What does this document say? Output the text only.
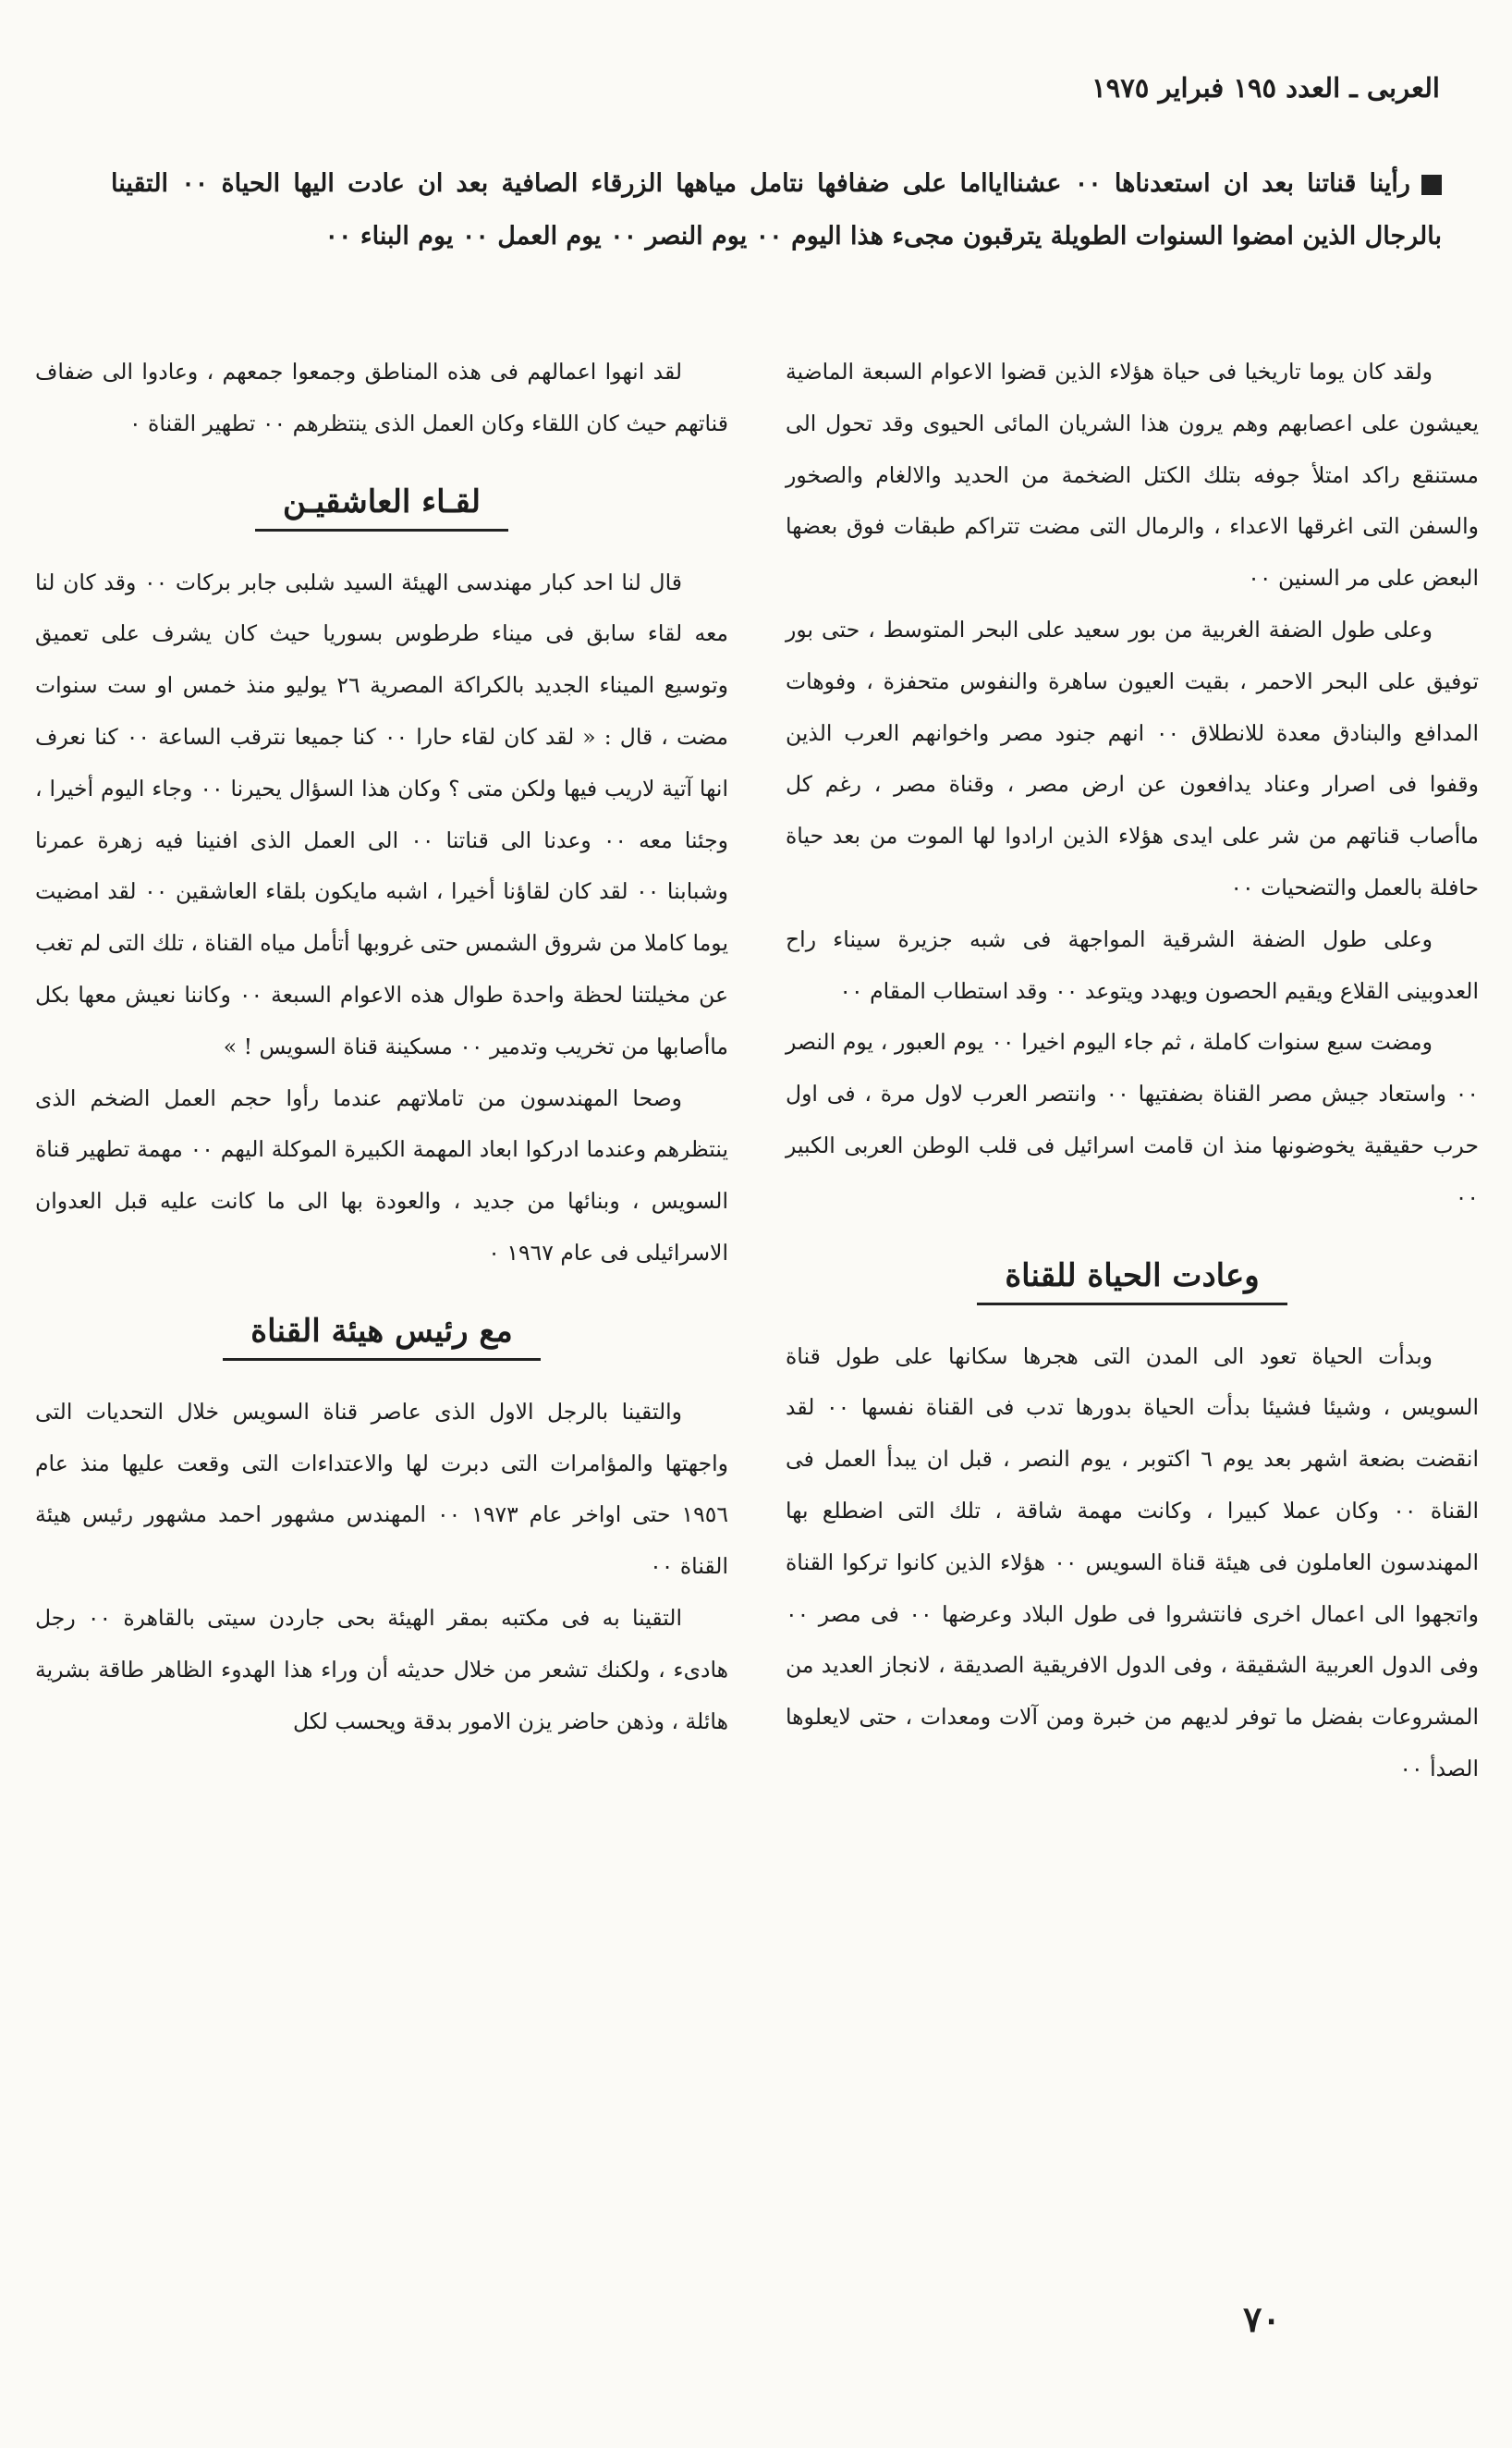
العربى ـ العدد ١٩٥ فبراير ١٩٧٥
رأينا قناتنا بعد ان استعدناها ٠٠ عشناايااما على ضفافها نتامل مياهها الزرقاء الصافية بعد ان عادت اليها الحياة ٠٠ التقينا بالرجال الذين امضوا السنوات الطويلة يترقبون مجىء هذا اليوم ٠٠ يوم النصر ٠٠ يوم العمل ٠٠ يوم البناء ٠٠

ولقد كان يوما تاريخيا فى حياة هؤلاء الذين قضوا الاعوام السبعة الماضية يعيشون على اعصابهم وهم يرون هذا الشريان المائى الحيوى وقد تحول الى مستنقع راكد امتلأ جوفه بتلك الكتل الضخمة من الحديد والالغام والصخور والسفن التى اغرقها الاعداء ، والرمال التى مضت تتراكم طبقات فوق بعضها البعض على مر السنين ٠٠

وعلى طول الضفة الغربية من بور سعيد على البحر المتوسط ، حتى بور توفيق على البحر الاحمر ، بقيت العيون ساهرة والنفوس متحفزة ، وفوهات المدافع والبنادق معدة للانطلاق ٠٠ انهم جنود مصر واخوانهم العرب الذين وقفوا فى اصرار وعناد يدافعون عن ارض مصر ، وقناة مصر ، رغم كل ماأصاب قناتهم من شر على ايدى هؤلاء الذين ارادوا لها الموت من بعد حياة حافلة بالعمل والتضحيات ٠٠

وعلى طول الضفة الشرقية المواجهة فى شبه جزيرة سيناء راح العدوبينى القلاع ويقيم الحصون ويهدد ويتوعد ٠٠ وقد استطاب المقام ٠٠

ومضت سبع سنوات كاملة ، ثم جاء اليوم اخيرا ٠٠ يوم العبور ، يوم النصر ٠٠ واستعاد جيش مصر القناة بضفتيها ٠٠ وانتصر العرب لاول مرة ، فى اول حرب حقيقية يخوضونها منذ ان قامت اسرائيل فى قلب الوطن العربى الكبير ٠٠

وعادت الحياة للقناة

وبدأت الحياة تعود الى المدن التى هجرها سكانها على طول قناة السويس ، وشيئا فشيئا بدأت الحياة بدورها تدب فى القناة نفسها ٠٠ لقد انقضت بضعة اشهر بعد يوم ٦ اكتوبر ، يوم النصر ، قبل ان يبدأ العمل فى القناة ٠٠ وكان عملا كبيرا ، وكانت مهمة شاقة ، تلك التى اضطلع بها المهندسون العاملون فى هيئة قناة السويس ٠٠ هؤلاء الذين كانوا تركوا القناة واتجهوا الى اعمال اخرى فانتشروا فى طول البلاد وعرضها ٠٠ فى مصر ٠٠ وفى الدول العربية الشقيقة ، وفى الدول الافريقية الصديقة ، لانجاز العديد من المشروعات بفضل ما توفر لديهم من خبرة ومن آلات ومعدات ، حتى لايعلوها الصدأ ٠٠

لقد انهوا اعمالهم فى هذه المناطق وجمعوا جمعهم ، وعادوا الى ضفاف قناتهم حيث كان اللقاء وكان العمل الذى ينتظرهم ٠٠ تطهير القناة ٠

لقـاء العاشقيـن

قال لنا احد كبار مهندسى الهيئة السيد شلبى جابر بركات ٠٠ وقد كان لنا معه لقاء سابق فى ميناء طرطوس بسوريا حيث كان يشرف على تعميق وتوسيع الميناء الجديد بالكراكة المصرية ٢٦ يوليو منذ خمس او ست سنوات مضت ، قال : « لقد كان لقاء حارا ٠٠ كنا جميعا نترقب الساعة ٠٠ كنا نعرف انها آتية لاريب فيها ولكن متى ؟ وكان هذا السؤال يحيرنا ٠٠ وجاء اليوم أخيرا ، وجئنا معه ٠٠ وعدنا الى قناتنا ٠٠ الى العمل الذى افنينا فيه زهرة عمرنا وشبابنا ٠٠ لقد كان لقاؤنا أخيرا ، اشبه مايكون بلقاء العاشقين ٠٠ لقد امضيت يوما كاملا من شروق الشمس حتى غروبها أتأمل مياه القناة ، تلك التى لم تغب عن مخيلتنا لحظة واحدة طوال هذه الاعوام السبعة ٠٠ وكاننا نعيش معها بكل ماأصابها من تخريب وتدمير ٠٠ مسكينة قناة السويس ! »

وصحا المهندسون من تاملاتهم عندما رأوا حجم العمل الضخم الذى ينتظرهم وعندما ادركوا ابعاد المهمة الكبيرة الموكلة اليهم ٠٠ مهمة تطهير قناة السويس ، وبنائها من جديد ، والعودة بها الى ما كانت عليه قبل العدوان الاسرائيلى فى عام ١٩٦٧ ٠

مع رئيس هيئة القناة

والتقينا بالرجل الاول الذى عاصر قناة السويس خلال التحديات التى واجهتها والمؤامرات التى دبرت لها والاعتداءات التى وقعت عليها منذ عام ١٩٥٦ حتى اواخر عام ١٩٧٣ ٠٠ المهندس مشهور احمد مشهور رئيس هيئة القناة ٠٠

التقينا به فى مكتبه بمقر الهيئة بحى جاردن سيتى بالقاهرة ٠٠ رجل هادىء ، ولكنك تشعر من خلال حديثه أن وراء هذا الهدوء الظاهر طاقة بشرية هائلة ، وذهن حاضر يزن الامور بدقة ويحسب لكل

٧٠
